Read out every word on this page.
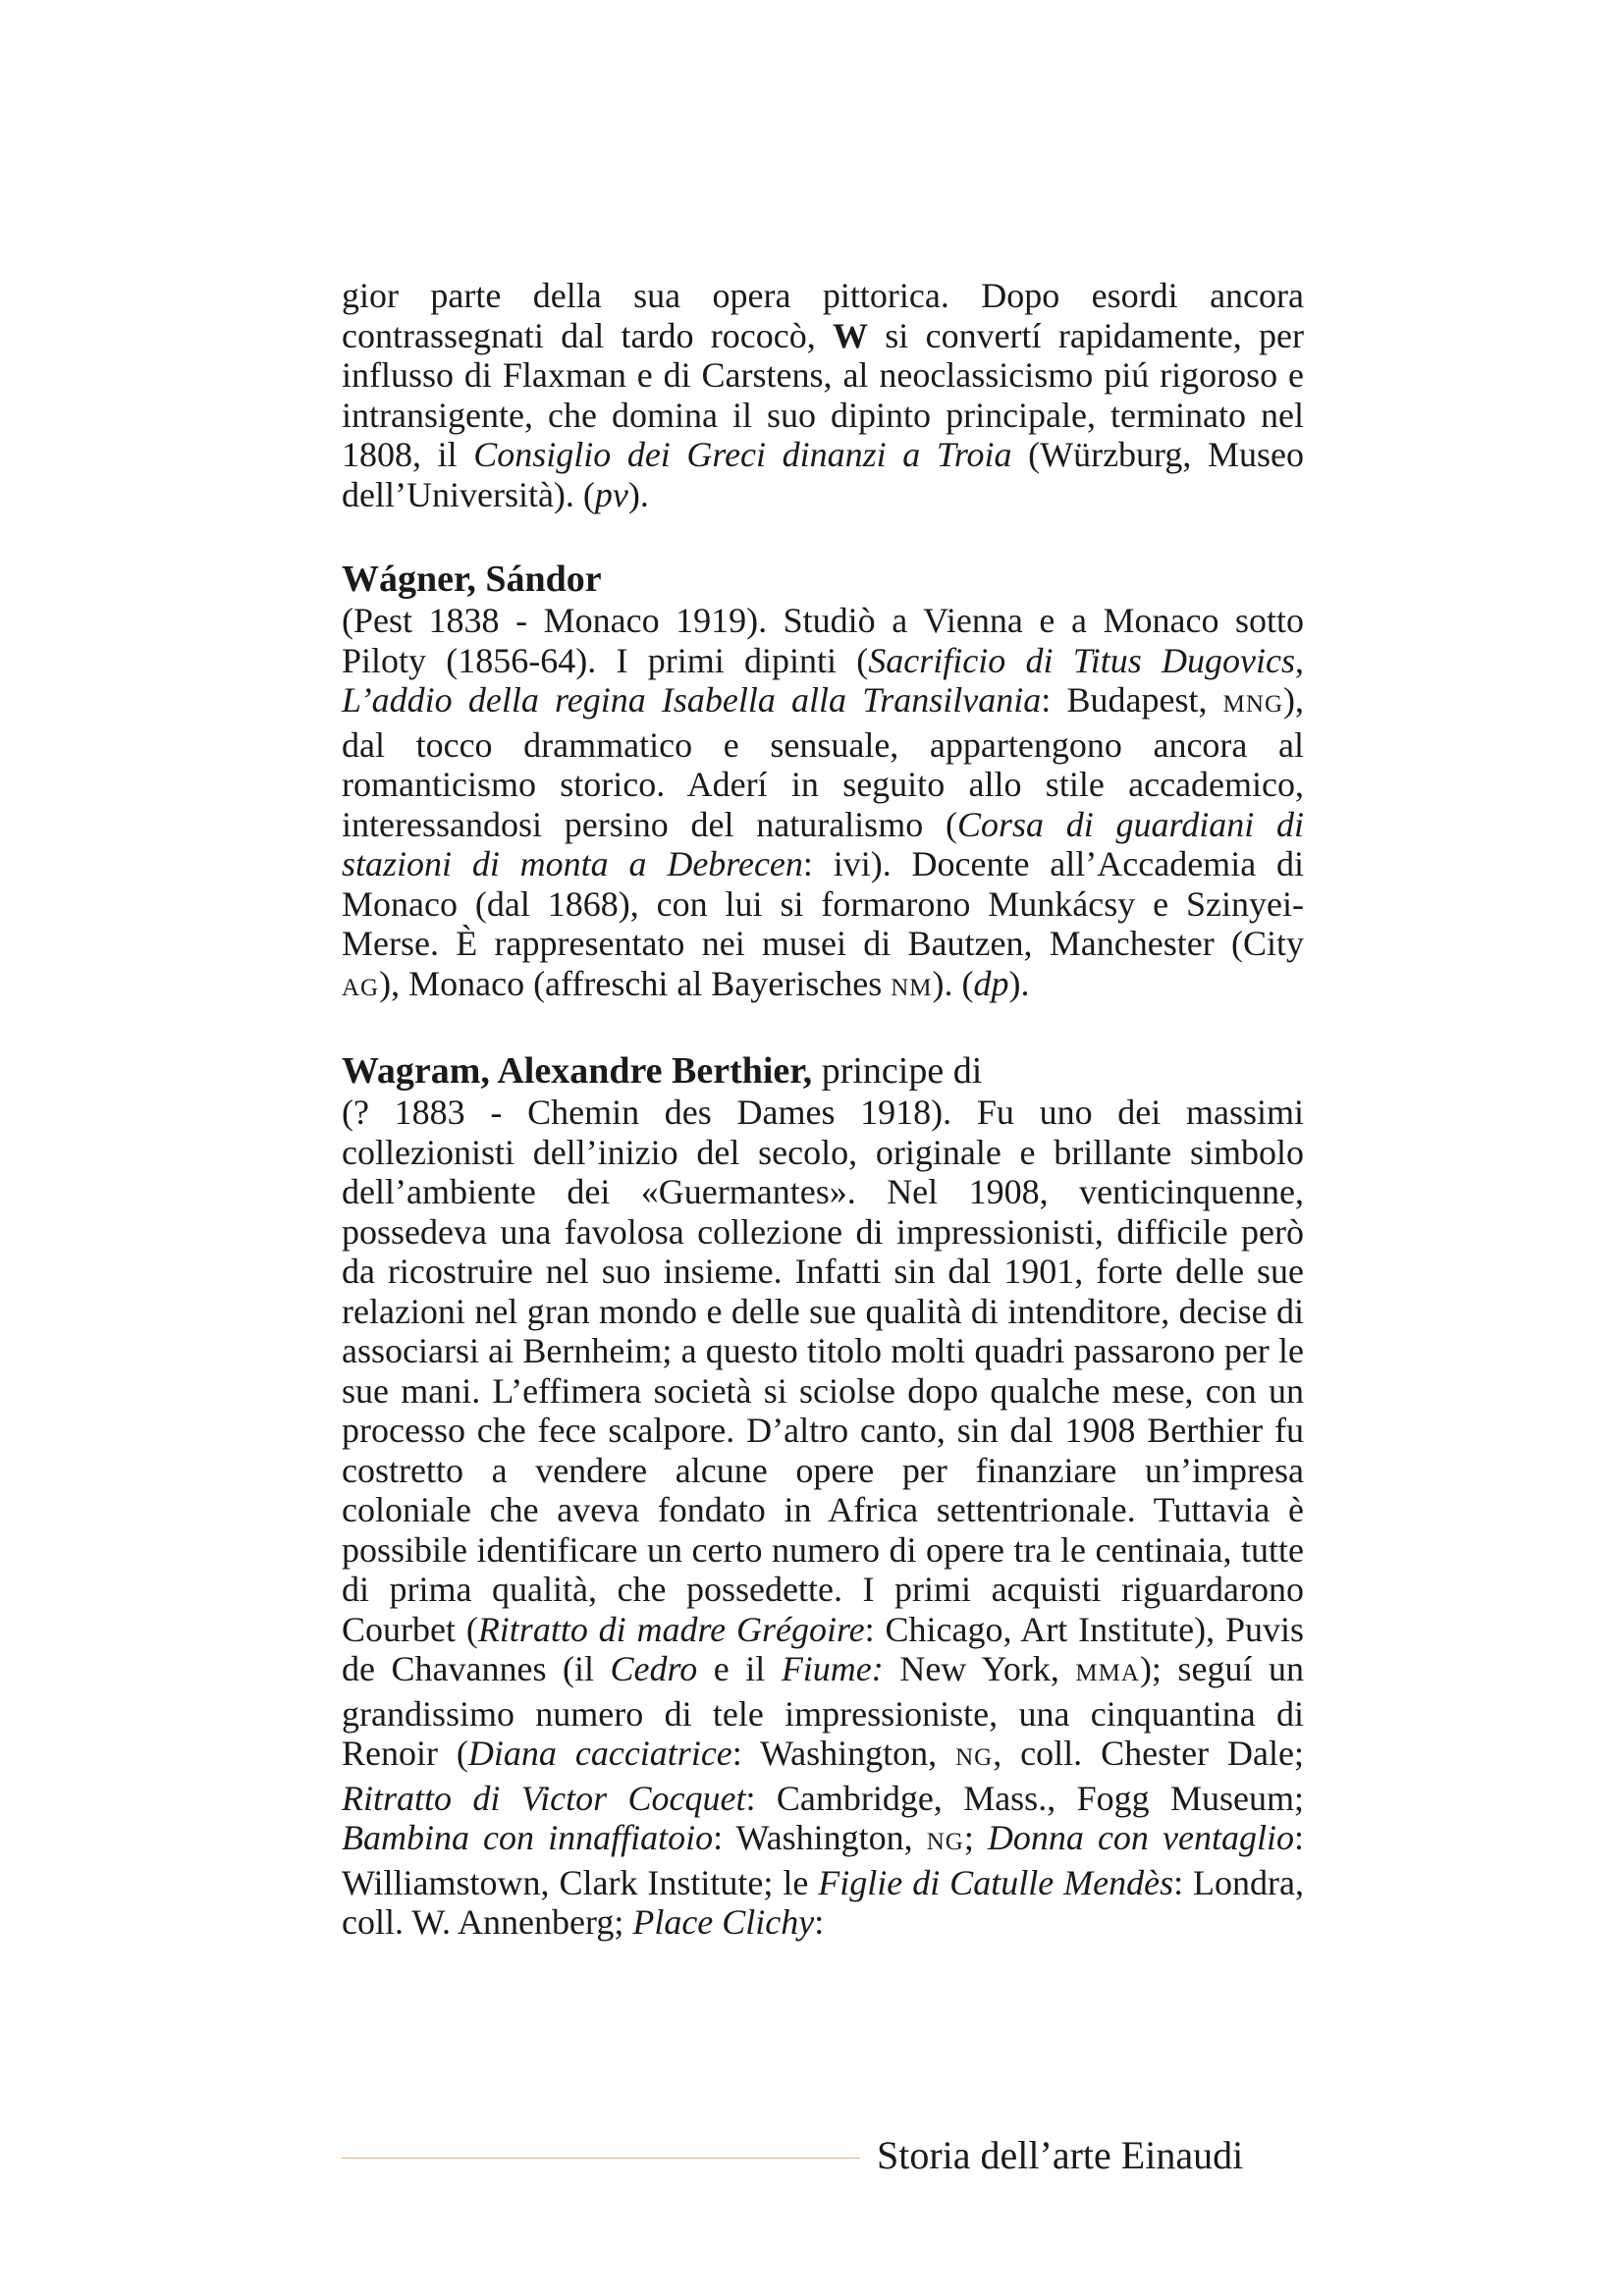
gior parte della sua opera pittorica. Dopo esordi ancora contrassegnati dal tardo rococò, W si convertí rapidamente, per influsso di Flaxman e di Carstens, al neoclassicismo piú rigoroso e intransigente, che domina il suo dipinto principale, terminato nel 1808, il Consiglio dei Greci dinanzi a Troia (Würzburg, Museo dell’Università). (pv).

Wágner, Sándor

(Pest 1838 - Monaco 1919). Studiò a Vienna e a Monaco sotto Piloty (1856-64). I primi dipinti (Sacrificio di Titus Dugovics, L’addio della regina Isabella alla Transilvania: Budapest, MNG), dal tocco drammatico e sensuale, appartengono ancora al romanticismo storico. Aderí in seguito allo stile accademico, interessandosi persino del naturalismo (Corsa di guardiani di stazioni di monta a Debrecen: ivi). Docente all’Accademia di Monaco (dal 1868), con lui si formarono Munkácsy e Szinyei-Merse. È rappresentato nei musei di Bautzen, Manchester (City AG), Monaco (affreschi al Bayerisches NM). (dp).

Wagram, Alexandre Berthier, principe di

(? 1883 - Chemin des Dames 1918). Fu uno dei massimi collezionisti dell’inizio del secolo, originale e brillante simbolo dell’ambiente dei «Guermantes». Nel 1908, venticinquenne, possedeva una favolosa collezione di impressionisti, difficile però da ricostruire nel suo insieme. Infatti sin dal 1901, forte delle sue relazioni nel gran mondo e delle sue qualità di intenditore, decise di associarsi ai Bernheim; a questo titolo molti quadri passarono per le sue mani. L’effimera società si sciolse dopo qualche mese, con un processo che fece scalpore. D’altro canto, sin dal 1908 Berthier fu costretto a vendere alcune opere per finanziare un’impresa coloniale che aveva fondato in Africa settentrionale. Tuttavia è possibile identificare un certo numero di opere tra le centinaia, tutte di prima qualità, che possedette. I primi acquisti riguardarono Courbet (Ritratto di madre Grégoire: Chicago, Art Institute), Puvis de Chavannes (il Cedro e il Fiume: New York, MMA); seguí un grandissimo numero di tele impressioniste, una cinquantina di Renoir (Diana cacciatrice: Washington, NG, coll. Chester Dale; Ritratto di Victor Cocquet: Cambridge, Mass., Fogg Museum; Bambina con innaffiatoio: Washington, NG; Donna con ventaglio: Williamstown, Clark Institute; le Figlie di Catulle Mendès: Londra, coll. W. Annenberg; Place Clichy:

Storia dell’arte Einaudi
